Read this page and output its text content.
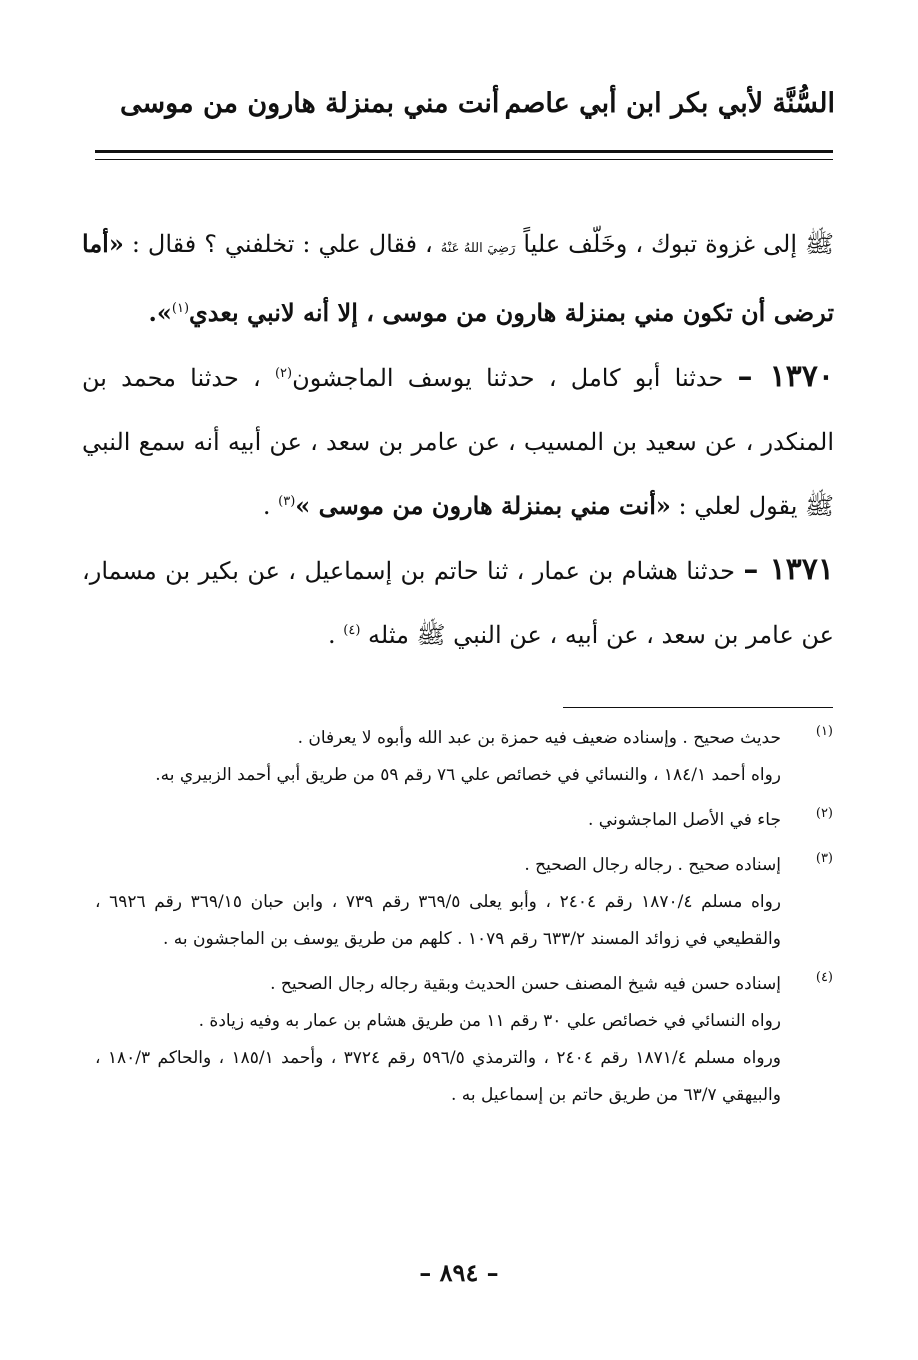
السُّنَّة لأبي بكر ابن أبي عاصم
أنت مني بمنزلة هارون من موسى

ﷺ إلى غزوة تبوك ، وخَلّف علياً رَضِيَ اللهُ عَنْهُ ، فقال علي : تخلفني ؟ فقال : «أما ترضى أن تكون مني بمنزلة هارون من موسى ، إلا أنه لانبي بعدي$^{(١)}$».

١٣٧٠ – حدثنا أبو كامل ، حدثنا يوسف الماجشون$^{(٢)}$ ، حدثنا محمد بن المنكدر ، عن سعيد بن المسيب ، عن عامر بن سعد ، عن أبيه أنه سمع النبي ﷺ يقول لعلي : «أنت مني بمنزلة هارون من موسى »$^{(٣)}$ .

١٣٧١ – حدثنا هشام بن عمار ، ثنا حاتم بن إسماعيل ، عن بكير بن مسمار، عن عامر بن سعد ، عن أبيه ، عن النبي ﷺ مثله $^{(٤)}$ .

(١)
حديث صحيح . وإسناده ضعيف فيه حمزة بن عبد الله وأبوه لا يعرفان .
رواه أحمد ١٨٤/١ ، والنسائي في خصائص علي ٧٦ رقم ٥٩ من طريق أبي أحمد الزبيري به.
(٢)
جاء في الأصل الماجشوني .
(٣)
إسناده صحيح . رجاله رجال الصحيح .
رواه مسلم ١٨٧٠/٤ رقم ٢٤٠٤ ، وأبو يعلى ٣٦٩/٥ رقم ٧٣٩ ، وابن حبان ٣٦٩/١٥ رقم ٦٩٢٦ ، والقطيعي في زوائد المسند ٦٣٣/٢ رقم ١٠٧٩ . كلهم من طريق يوسف بن الماجشون به .
(٤)
إسناده حسن فيه شيخ المصنف حسن الحديث وبقية رجاله رجال الصحيح .
رواه النسائي في خصائص علي ٣٠ رقم ١١ من طريق هشام بن عمار به وفيه زيادة .
ورواه مسلم ١٨٧١/٤ رقم ٢٤٠٤ ، والترمذي ٥٩٦/٥ رقم ٣٧٢٤ ، وأحمد ١٨٥/١ ، والحاكم ١٨٠/٣ ، والبيهقي ٦٣/٧ من طريق حاتم بن إسماعيل به .
– ٨٩٤ –
